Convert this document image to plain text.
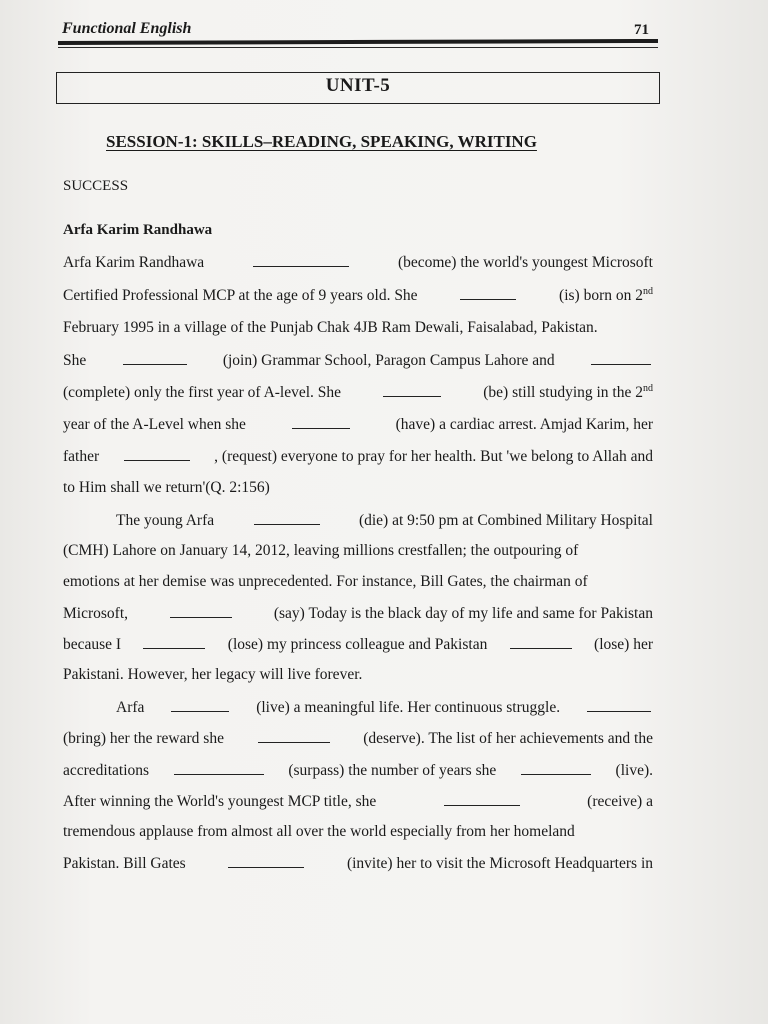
Functional English	71
UNIT-5
SESSION-1: SKILLS–READING, SPEAKING, WRITING
SUCCESS
Arfa Karim Randhawa
Arfa Karim Randhawa	(become) the world's youngest Microsoft
Certified Professional MCP at the age of 9 years old. She	(is) born on 2nd
February 1995 in a village of the Punjab Chak 4JB Ram Dewali, Faisalabad, Pakistan.
She	(join) Grammar School, Paragon Campus Lahore and
(complete) only the first year of A-level. She	(be) still studying in the 2nd
year of the A-Level when she	(have) a cardiac arrest. Amjad Karim, her
father	, (request) everyone to pray for her health. But 'we belong to Allah and
to Him shall we return'(Q. 2:156)
The young Arfa	(die) at 9:50 pm at Combined Military Hospital
(CMH) Lahore on January 14, 2012, leaving millions crestfallen; the outpouring of
emotions at her demise was unprecedented. For instance, Bill Gates, the chairman of
Microsoft,	(say) Today is the black day of my life and same for Pakistan
because I	(lose) my princess colleague and Pakistan	(lose) her
Pakistani. However, her legacy will live forever.
Arfa	(live) a meaningful life. Her continuous struggle.
(bring) her the reward she	(deserve). The list of her achievements and the
accreditations	(surpass) the number of years she	(live).
After winning the World's youngest MCP title, she	(receive) a
tremendous applause from almost all over the world especially from her homeland
Pakistan. Bill Gates	(invite) her to visit the Microsoft Headquarters in
